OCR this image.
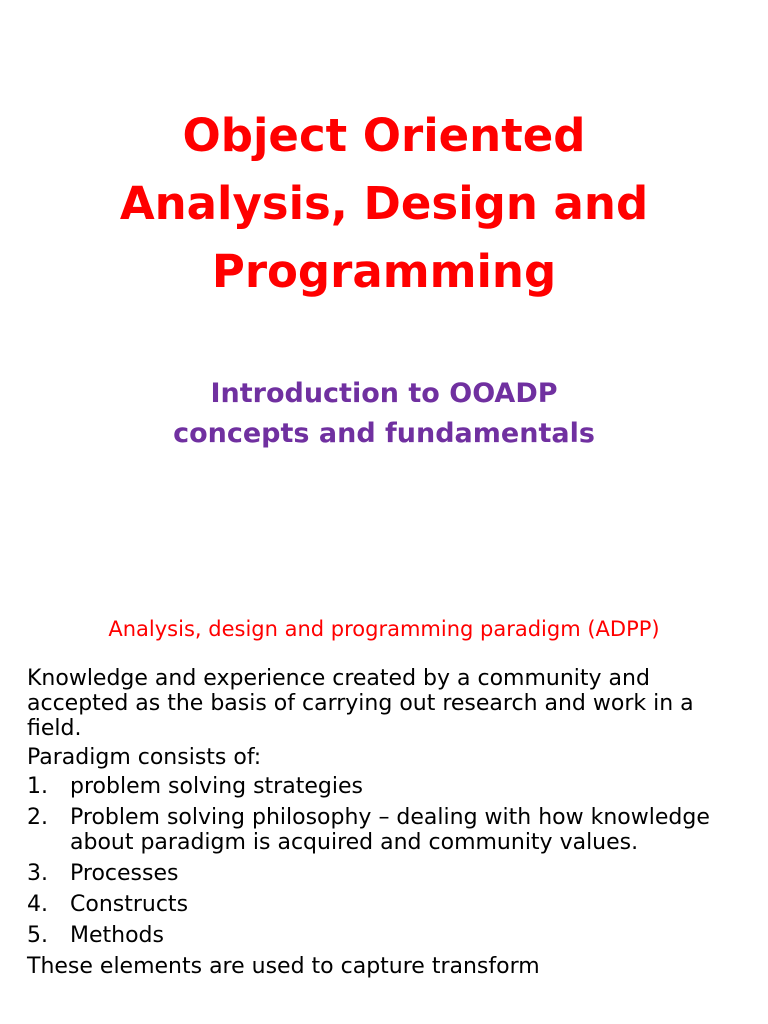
Object Oriented
Analysis, Design and
Programming
Introduction to OOADP
concepts and fundamentals
Analysis, design and programming paradigm (ADPP)

Knowledge and experience created by a community and accepted as the basis of carrying out research and work in a field.

Paradigm consists of:

1.	problem solving strategies
2.	Problem solving philosophy – dealing with how knowledge about paradigm is acquired and community values.
3.	Processes
4.	Constructs
5.	Methods

These elements are used to capture transform
